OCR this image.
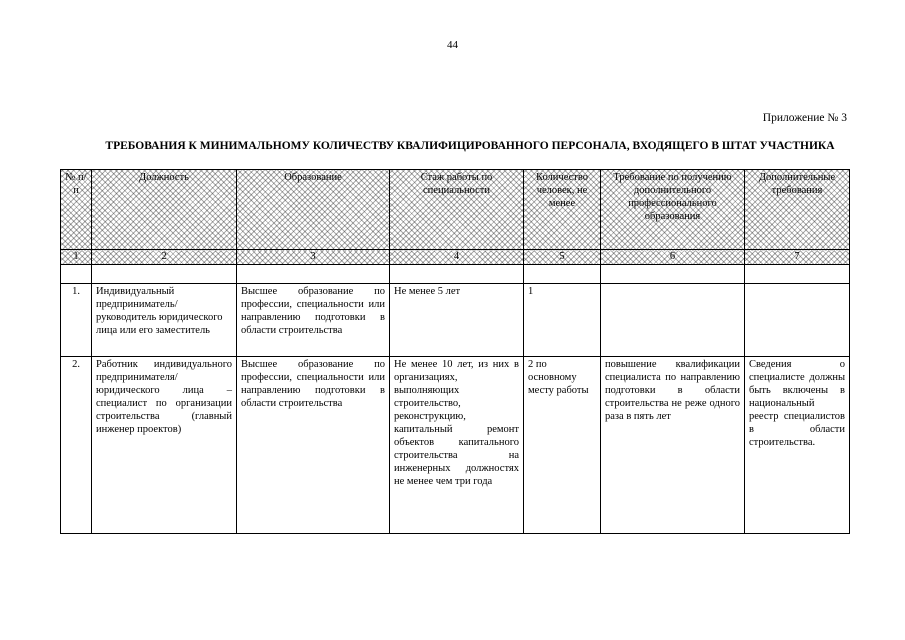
44
Приложение № 3
ТРЕБОВАНИЯ К МИНИМАЛЬНОМУ КОЛИЧЕСТВУ КВАЛИФИЦИРОВАННОГО ПЕРСОНАЛА, ВХОДЯЩЕГО В ШТАТ УЧАСТНИКА
№ п/п	Должность	Образование	Стаж работы по специальности	Количество человек, не менее	Требование по получению дополнительного профессионального образования	Дополнительные требования
1	2	3	4	5	6	7

1.	Индивидуальный предприниматель/руководитель юридического лица или его заместитель	Высшее образование по профессии, специальности или направлению подготовки в области строительства	Не менее 5 лет	1		
2.	Работник индивидуального предпринимателя/ юридического лица – специалист по организации строительства (главный инженер проектов)	Высшее образование по профессии, специальности или направлению подготовки в области строительства	Не менее 10 лет, из них в организациях, выполняющих строительство, реконструкцию, капитальный ремонт объектов капитального строительства на инженерных должностях не менее чем три года	2 по основному месту работы	повышение квалификации специалиста по направлению подготовки в области строительства не реже одного раза в пять лет	Сведения о специалисте должны быть включены в национальный реестр специалистов в области строительства.
